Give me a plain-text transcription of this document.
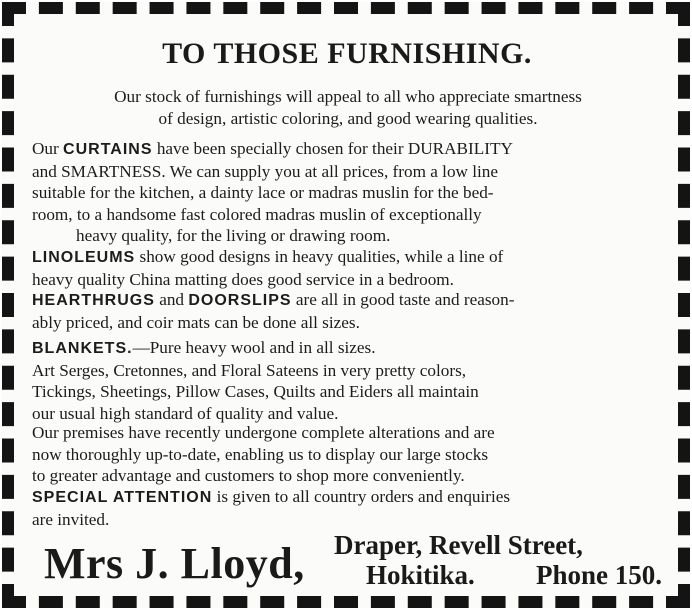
TO THOSE FURNISHING.
Our stock of furnishings will appeal to all who appreciate smartness
of design, artistic coloring, and good wearing qualities.
Our CURTAINS have been specially chosen for their DURABILITY
and SMARTNESS. We can supply you at all prices, from a low line
suitable for the kitchen, a dainty lace or madras muslin for the bed-
room, to a handsome fast colored madras muslin of exceptionally
heavy quality, for the living or drawing room.
LINOLEUMS show good designs in heavy qualities, while a line of
heavy quality China matting does good service in a bedroom.
HEARTHRUGS and DOORSLIPS are all in good taste and reason-
ably priced, and coir mats can be done all sizes.
BLANKETS.—Pure heavy wool and in all sizes.
Art Serges, Cretonnes, and Floral Sateens in very pretty colors,
Tickings, Sheetings, Pillow Cases, Quilts and Eiders all maintain
our usual high standard of quality and value.
Our premises have recently undergone complete alterations and are
now thoroughly up-to-date, enabling us to display our large stocks
to greater advantage and customers to shop more conveniently.
SPECIAL ATTENTION is given to all country orders and enquiries
are invited.
Mrs J. Lloyd, Draper, Revell Street,
Hokitika. Phone 150.
